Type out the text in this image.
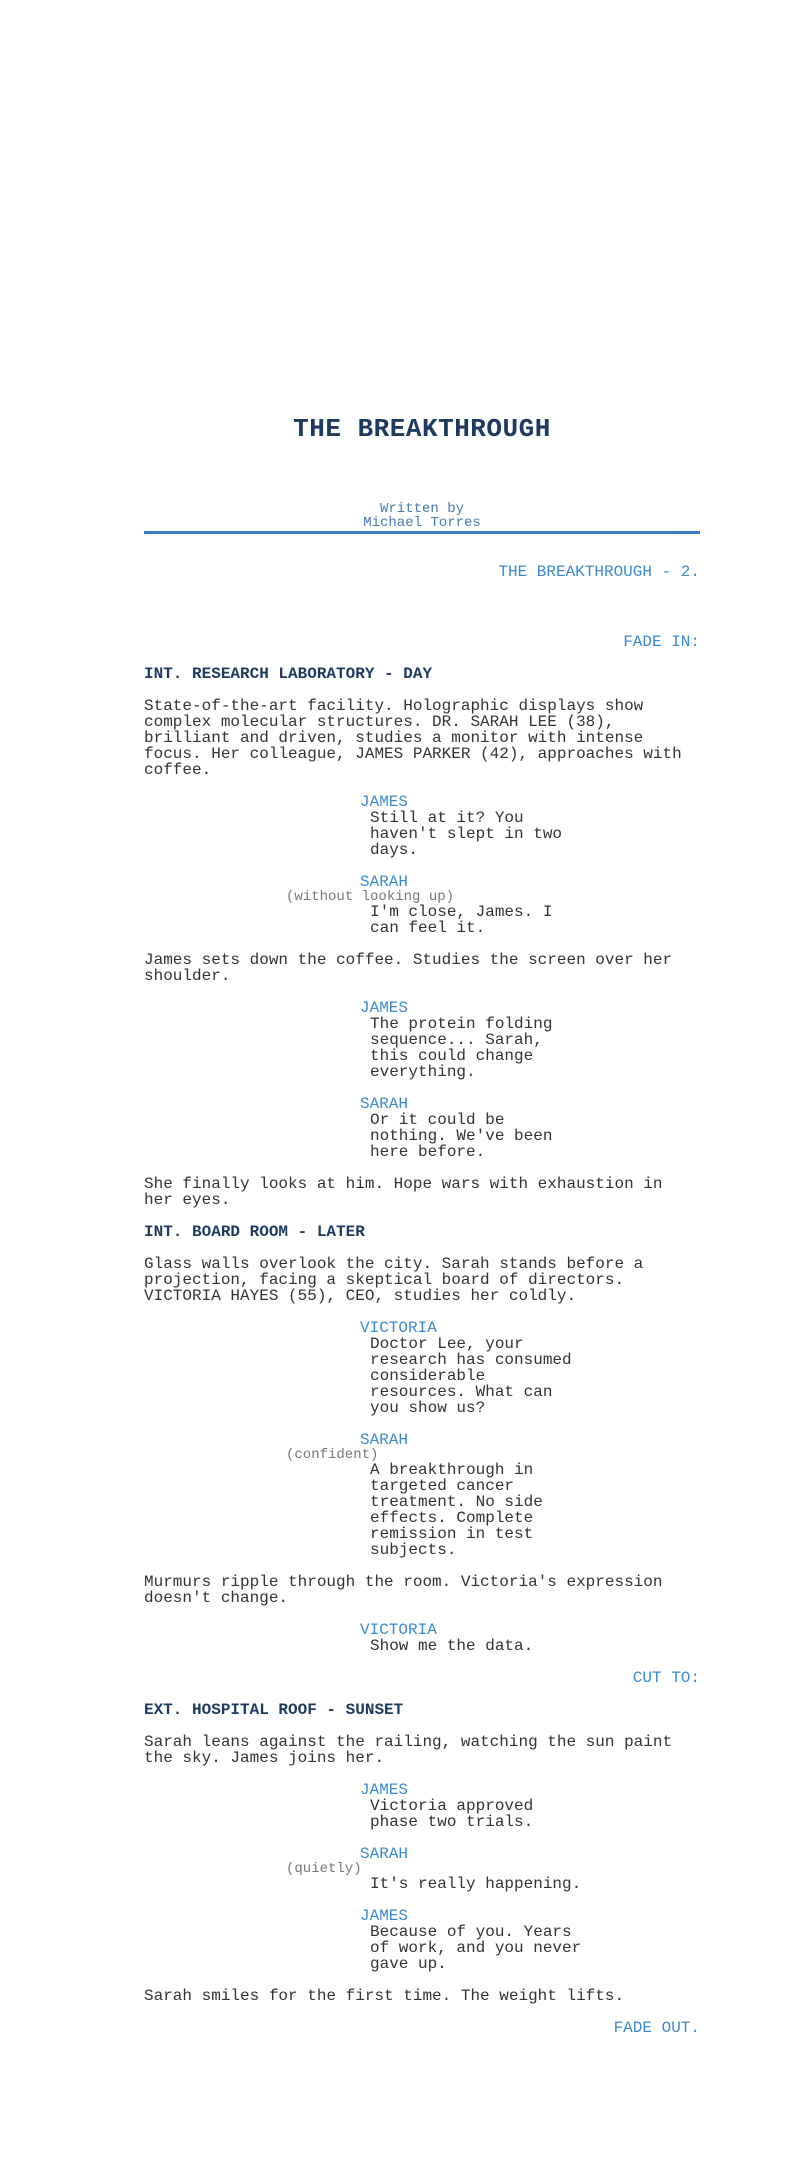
THE BREAKTHROUGH
Written by
Michael Torres
THE BREAKTHROUGH - 2.
FADE IN:
INT. RESEARCH LABORATORY - DAY
State-of-the-art facility. Holographic displays show complex molecular structures. DR. SARAH LEE (38), brilliant and driven, studies a monitor with intense focus. Her colleague, JAMES PARKER (42), approaches with coffee.
JAMES
Still at it? You haven't slept in two days.
SARAH
(without looking up)
I'm close, James. I can feel it.
James sets down the coffee. Studies the screen over her shoulder.
JAMES
The protein folding sequence... Sarah, this could change everything.
SARAH
Or it could be nothing. We've been here before.
She finally looks at him. Hope wars with exhaustion in her eyes.
INT. BOARD ROOM - LATER
Glass walls overlook the city. Sarah stands before a projection, facing a skeptical board of directors. VICTORIA HAYES (55), CEO, studies her coldly.
VICTORIA
Doctor Lee, your research has consumed considerable resources. What can you show us?
SARAH
(confident)
A breakthrough in targeted cancer treatment. No side effects. Complete remission in test subjects.
Murmurs ripple through the room. Victoria's expression doesn't change.
VICTORIA
Show me the data.
CUT TO:
EXT. HOSPITAL ROOF - SUNSET
Sarah leans against the railing, watching the sun paint the sky. James joins her.
JAMES
Victoria approved phase two trials.
SARAH
(quietly)
It's really happening.
JAMES
Because of you. Years of work, and you never gave up.
Sarah smiles for the first time. The weight lifts.
FADE OUT.
